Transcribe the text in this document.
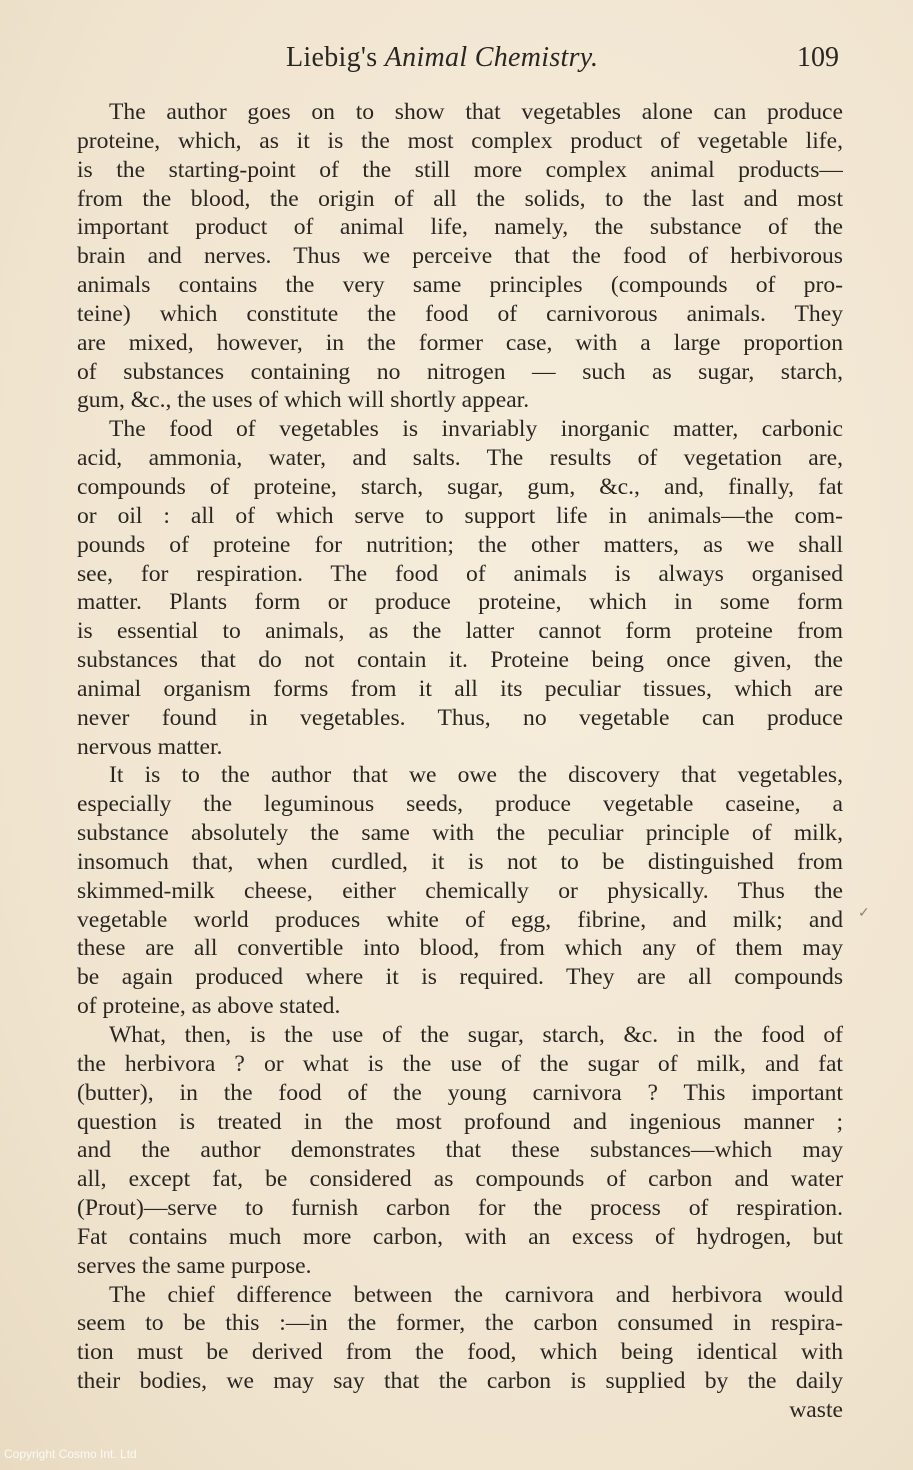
Liebig's Animal Chemistry.	109
The author goes on to show that vegetables alone can produce
proteine, which, as it is the most complex product of vegetable life,
is the starting-point of the still more complex animal products—
from the blood, the origin of all the solids, to the last and most
important product of animal life, namely, the substance of the
brain and nerves. Thus we perceive that the food of herbivorous
animals contains the very same principles (compounds of pro-
teine) which constitute the food of carnivorous animals. They
are mixed, however, in the former case, with a large proportion
of substances containing no nitrogen — such as sugar, starch,
gum, &c., the uses of which will shortly appear.
The food of vegetables is invariably inorganic matter, carbonic
acid, ammonia, water, and salts. The results of vegetation are,
compounds of proteine, starch, sugar, gum, &c., and, finally, fat
or oil : all of which serve to support life in animals—the com-
pounds of proteine for nutrition; the other matters, as we shall
see, for respiration. The food of animals is always organised
matter. Plants form or produce proteine, which in some form
is essential to animals, as the latter cannot form proteine from
substances that do not contain it. Proteine being once given, the
animal organism forms from it all its peculiar tissues, which are
never found in vegetables. Thus, no vegetable can produce
nervous matter.
It is to the author that we owe the discovery that vegetables,
especially the leguminous seeds, produce vegetable caseine, a
substance absolutely the same with the peculiar principle of milk,
insomuch that, when curdled, it is not to be distinguished from
skimmed-milk cheese, either chemically or physically. Thus the
vegetable world produces white of egg, fibrine, and milk; and
these are all convertible into blood, from which any of them may
be again produced where it is required. They are all compounds
of proteine, as above stated.
What, then, is the use of the sugar, starch, &c. in the food of
the herbivora ? or what is the use of the sugar of milk, and fat
(butter), in the food of the young carnivora ? This important
question is treated in the most profound and ingenious manner ;
and the author demonstrates that these substances—which may
all, except fat, be considered as compounds of carbon and water
(Prout)—serve to furnish carbon for the process of respiration.
Fat contains much more carbon, with an excess of hydrogen, but
serves the same purpose.
The chief difference between the carnivora and herbivora would
seem to be this :—in the former, the carbon consumed in respira-
tion must be derived from the food, which being identical with
their bodies, we may say that the carbon is supplied by the daily
waste
✓
Copyright Cosmo Int. Ltd
